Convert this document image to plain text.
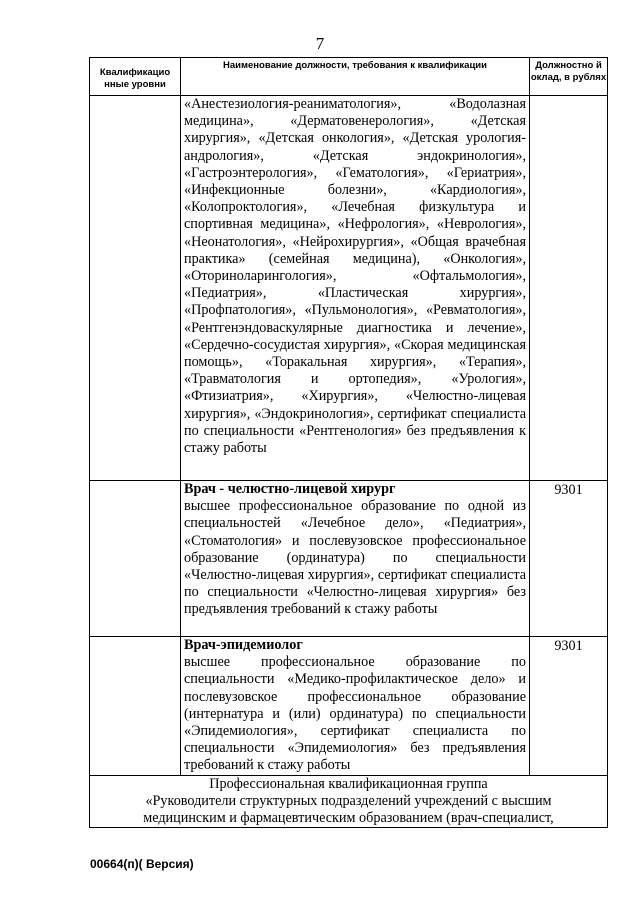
7
Квалификацио нные уровни	Наименование должности, требования к квалификации	Должностно й оклад, в рублях

	«Анестезиология-реаниматология», «Водолазная медицина», «Дерматовенерология», «Детская хирургия», «Детская онкология», «Детская урология-андрология», «Детская эндокринология», «Гастроэнтерология», «Гематология», «Гериатрия», «Инфекционные болезни», «Кардиология», «Колопроктология», «Лечебная физкультура и спортивная медицина», «Нефрология», «Неврология», «Неонатология», «Нейрохирургия», «Общая врачебная практика» (семейная медицина), «Онкология», «Оториноларингология», «Офтальмология», «Педиатрия», «Пластическая хирургия», «Профпатология», «Пульмонология», «Ревматология», «Рентгенэндоваскулярные диагностика и лечение», «Сердечно-сосудистая хирургия», «Скорая медицинская помощь», «Торакальная хирургия», «Терапия», «Травматология и ортопедия», «Урология», «Фтизиатрия», «Хирургия», «Челюстно-лицевая хирургия», «Эндокринология», сертификат специалиста по специальности «Рентгенология» без предъявления к стажу работы	

	Врач - челюстно-лицевой хирург

высшее профессиональное образование по одной из специальностей «Лечебное дело», «Педиатрия», «Стоматология» и послевузовское профессиональное образование (ординатура) по специальности «Челюстно-лицевая хирургия», сертификат специалиста по специальности «Челюстно-лицевая хирургия» без предъявления требований к стажу работы	9301

	Врач-эпидемиолог

высшее профессиональное образование по специальности «Медико-профилактическое дело» и послевузовское профессиональное образование (интернатура и (или) ординатура) по специальности «Эпидемиология», сертификат специалиста по специальности «Эпидемиология» без предъявления требований к стажу работы	9301

Профессиональная квалификационная группа
«Руководители структурных подразделений учреждений с высшим
медицинским и фармацевтическим образованием (врач-специалист,		
00664(п)( Версия)
